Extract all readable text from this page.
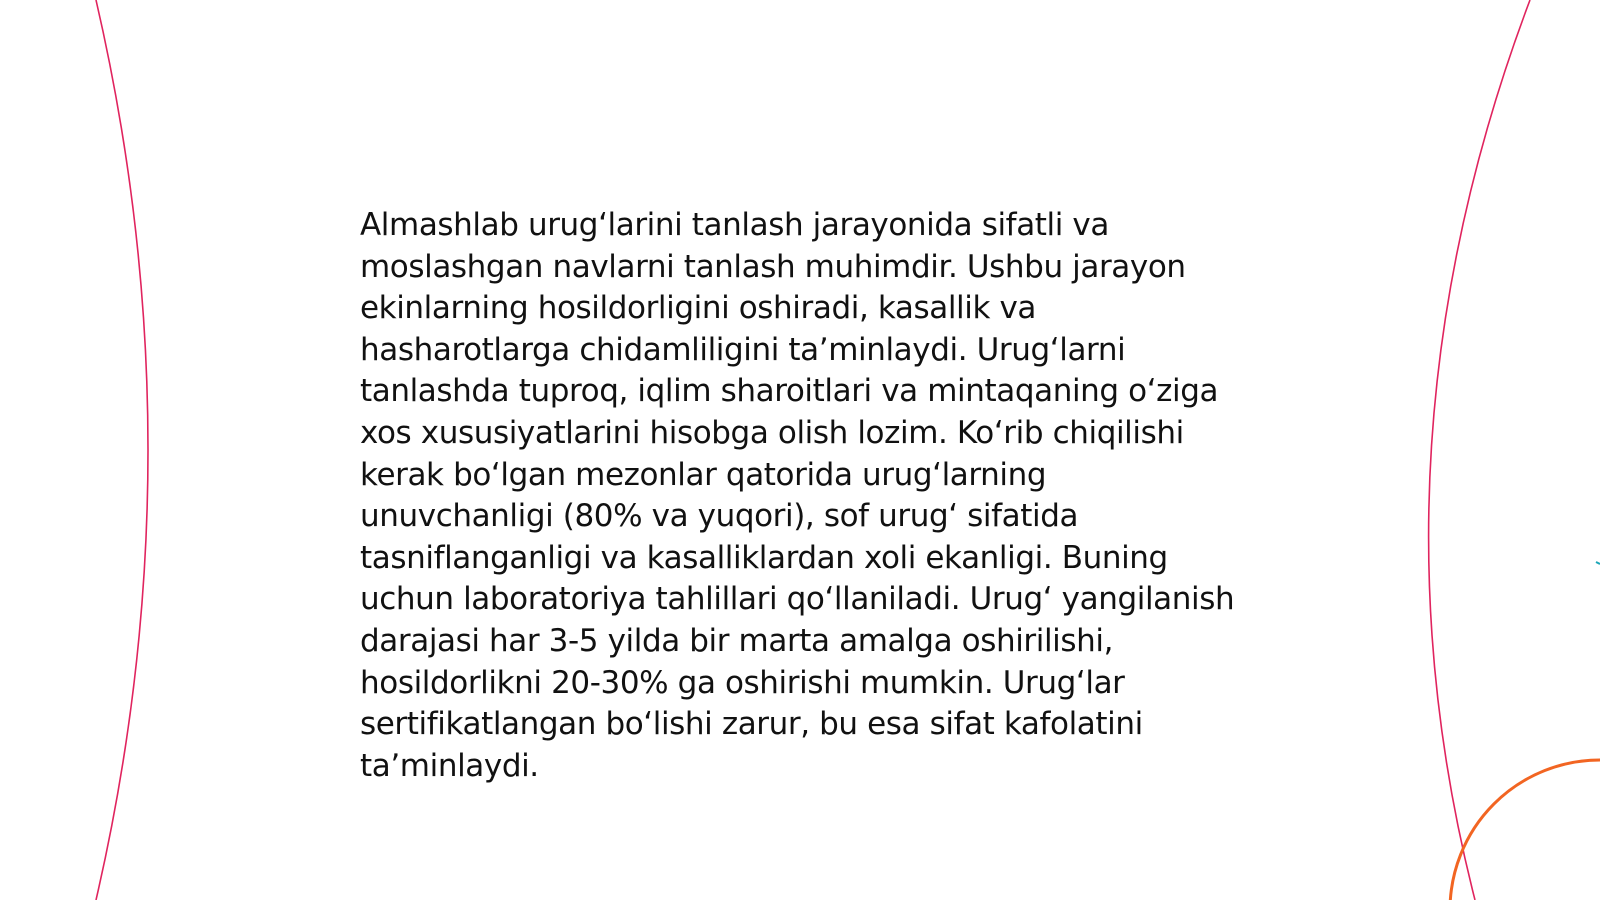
Almashlab urugʻlarini tanlash jarayonida sifatli va moslashgan navlarni tanlash muhimdir. Ushbu jarayon ekinlarning hosildorligini oshiradi, kasallik va hasharotlarga chidamliligini taʼminlaydi. Urugʻlarni tanlashda tuproq, iqlim sharoitlari va mintaqaning oʻziga xos xususiyatlarini hisobga olish lozim. Koʻrib chiqilishi kerak boʻlgan mezonlar qatorida urugʻlarning unuvchanligi (80% va yuqori), sof urugʻ sifatida tasniflanganligi va kasalliklardan xoli ekanligi. Buning uchun laboratoriya tahlillari qoʻllaniladi. Urugʻ yangilanish darajasi har 3-5 yilda bir marta amalga oshirilishi, hosildorlikni 20-30% ga oshirishi mumkin. Urugʻlar sertifikatlangan boʻlishi zarur, bu esa sifat kafolatini taʼminlaydi.
